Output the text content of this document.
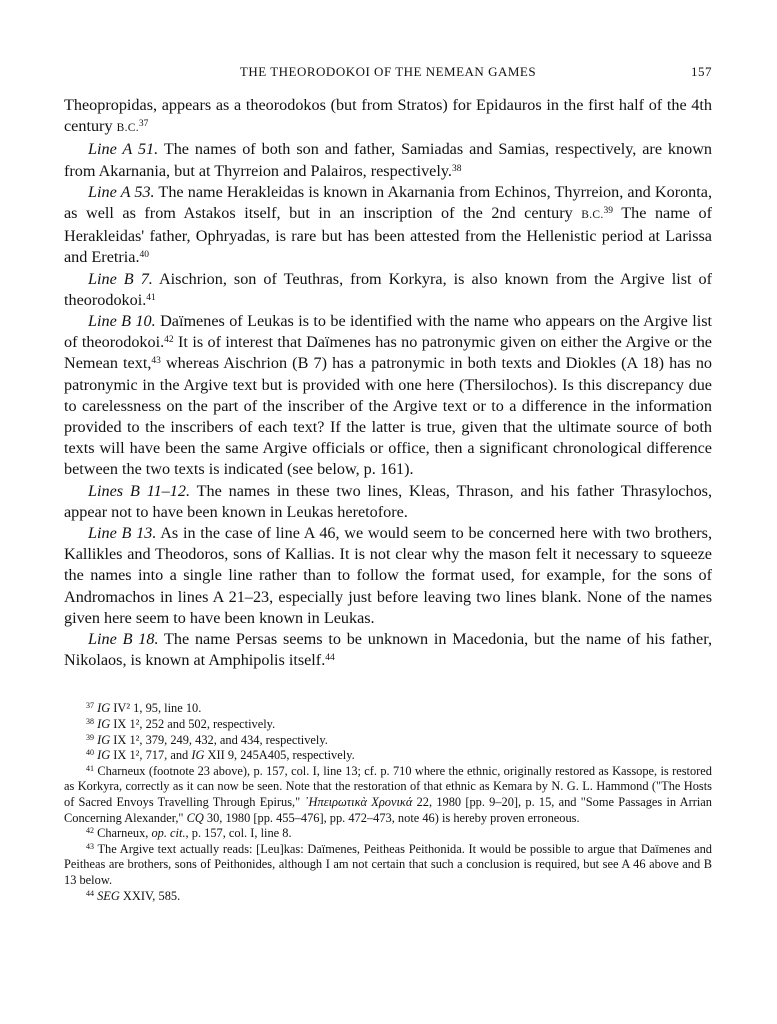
THE THEORODOKOI OF THE NEMEAN GAMES	157

Theopropidas, appears as a theorodokos (but from Stratos) for Epidauros in the first half of the 4th century B.C.$^{37}$

Line A 51. The names of both son and father, Samiadas and Samias, respectively, are known from Akarnania, but at Thyrreion and Palairos, respectively.$^{38}$

Line A 53. The name Herakleidas is known in Akarnania from Echinos, Thyrreion, and Koronta, as well as from Astakos itself, but in an inscription of the 2nd century B.C.$^{39}$ The name of Herakleidas' father, Ophryadas, is rare but has been attested from the Hellenistic period at Larissa and Eretria.$^{40}$

Line B 7. Aischrion, son of Teuthras, from Korkyra, is also known from the Argive list of theorodokoi.$^{41}$

Line B 10. Daïmenes of Leukas is to be identified with the name who appears on the Argive list of theorodokoi.$^{42}$ It is of interest that Daïmenes has no patronymic given on either the Argive or the Nemean text,$^{43}$ whereas Aischrion (B 7) has a patronymic in both texts and Diokles (A 18) has no patronymic in the Argive text but is provided with one here (Thersilochos). Is this discrepancy due to carelessness on the part of the inscriber of the Argive text or to a difference in the information provided to the inscribers of each text? If the latter is true, given that the ultimate source of both texts will have been the same Argive officials or office, then a significant chronological difference between the two texts is indicated (see below, p. 161).

Lines B 11–12. The names in these two lines, Kleas, Thrason, and his father Thrasylochos, appear not to have been known in Leukas heretofore.

Line B 13. As in the case of line A 46, we would seem to be concerned here with two brothers, Kallikles and Theodoros, sons of Kallias. It is not clear why the mason felt it necessary to squeeze the names into a single line rather than to follow the format used, for example, for the sons of Andromachos in lines A 21–23, especially just before leaving two lines blank. None of the names given here seem to have been known in Leukas.

Line B 18. The name Persas seems to be unknown in Macedonia, but the name of his father, Nikolaos, is known at Amphipolis itself.$^{44}$

$^{37}$ IG IV² 1, 95, line 10.

$^{38}$ IG IX 1², 252 and 502, respectively.

$^{39}$ IG IX 1², 379, 249, 432, and 434, respectively.

$^{40}$ IG IX 1², 717, and IG XII 9, 245A405, respectively.

$^{41}$ Charneux (footnote 23 above), p. 157, col. I, line 13; cf. p. 710 where the ethnic, originally restored as Kassope, is restored as Korkyra, correctly as it can now be seen. Note that the restoration of that ethnic as Kemara by N. G. L. Hammond ("The Hosts of Sacred Envoys Travelling Through Epirus," ᾿Ηπειρωτικὰ Χρονικά 22, 1980 [pp. 9–20], p. 15, and "Some Passages in Arrian Concerning Alexander," CQ 30, 1980 [pp. 455–476], pp. 472–473, note 46) is hereby proven erroneous.

$^{42}$ Charneux, op. cit., p. 157, col. I, line 8.

$^{43}$ The Argive text actually reads: [Leu]kas: Daïmenes, Peitheas Peithonida. It would be possible to argue that Daïmenes and Peitheas are brothers, sons of Peithonides, although I am not certain that such a conclusion is required, but see A 46 above and B 13 below.

$^{44}$ SEG XXIV, 585.
